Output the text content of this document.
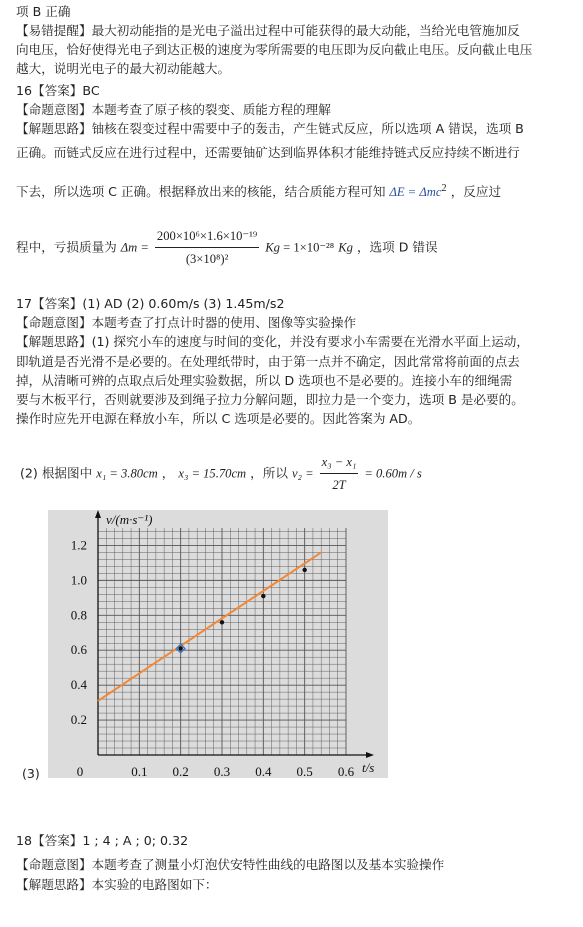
项 B 正确
【易错提醒】最大初动能指的是光电子溢出过程中可能获得的最大动能，当给光电管施加反
向电压，恰好使得光电子到达正极的速度为零所需要的电压即为反向截止电压。反向截止电压
越大，说明光电子的最大初动能越大。
16【答案】BC
【命题意图】本题考查了原子核的裂变、质能方程的理解
【解题思路】铀核在裂变过程中需要中子的轰击，产生链式反应，所以选项 A 错误，选项 B
正确。而链式反应在进行过程中，还需要铀矿达到临界体积才能维持链式反应持续不断进行
下去，所以选项 C 正确。根据释放出来的核能，结合质能方程可知 ΔE = Δmc$^2$ ，反应过
程中，亏损质量为 $\Delta m = \frac{\text{200×10⁶×1.6×10⁻¹⁹}}{\text{(3×10⁸)²}}$ Kg = 1×10⁻²⁸ Kg ，选项 D 错误
17【答案】(1) AD (2) 0.60m/s (3) 1.45m/s2
【命题意图】本题考查了打点计时器的使用、图像等实验操作
【解题思路】(1) 探究小车的速度与时间的变化，并没有要求小车需要在光滑水平面上运动，
即轨道是否光滑不是必要的。在处理纸带时，由于第一点并不确定，因此常常将前面的点去
掉，从清晰可辨的点取点后处理实验数据，所以 D 选项也不是必要的。连接小车的细绳需
要与木板平行，否则就要涉及到绳子拉力分解问题，即拉力是一个变力，选项 B 是必要的。
操作时应先开电源在释放小车，所以 C 选项是必要的。因此答案为 AD。
(2) 根据图中 x₁ = 3.80cm ， x₃ = 15.70cm ，所以 $v_2 = \frac{\text{x₃ − x₁}}{2T} = 0.60m / s$
(3)	0.1 0.2 0.3 0.4 0.5 0.6
0.2
0.4
0.6
0.8
1.0
1.2
0
v/(m·s⁻¹)
t/s
18【答案】1 ; 4 ; A ; 0; 0.32
【命题意图】本题考查了测量小灯泡伏安特性曲线的电路图以及基本实验操作
【解题思路】本实验的电路图如下：
